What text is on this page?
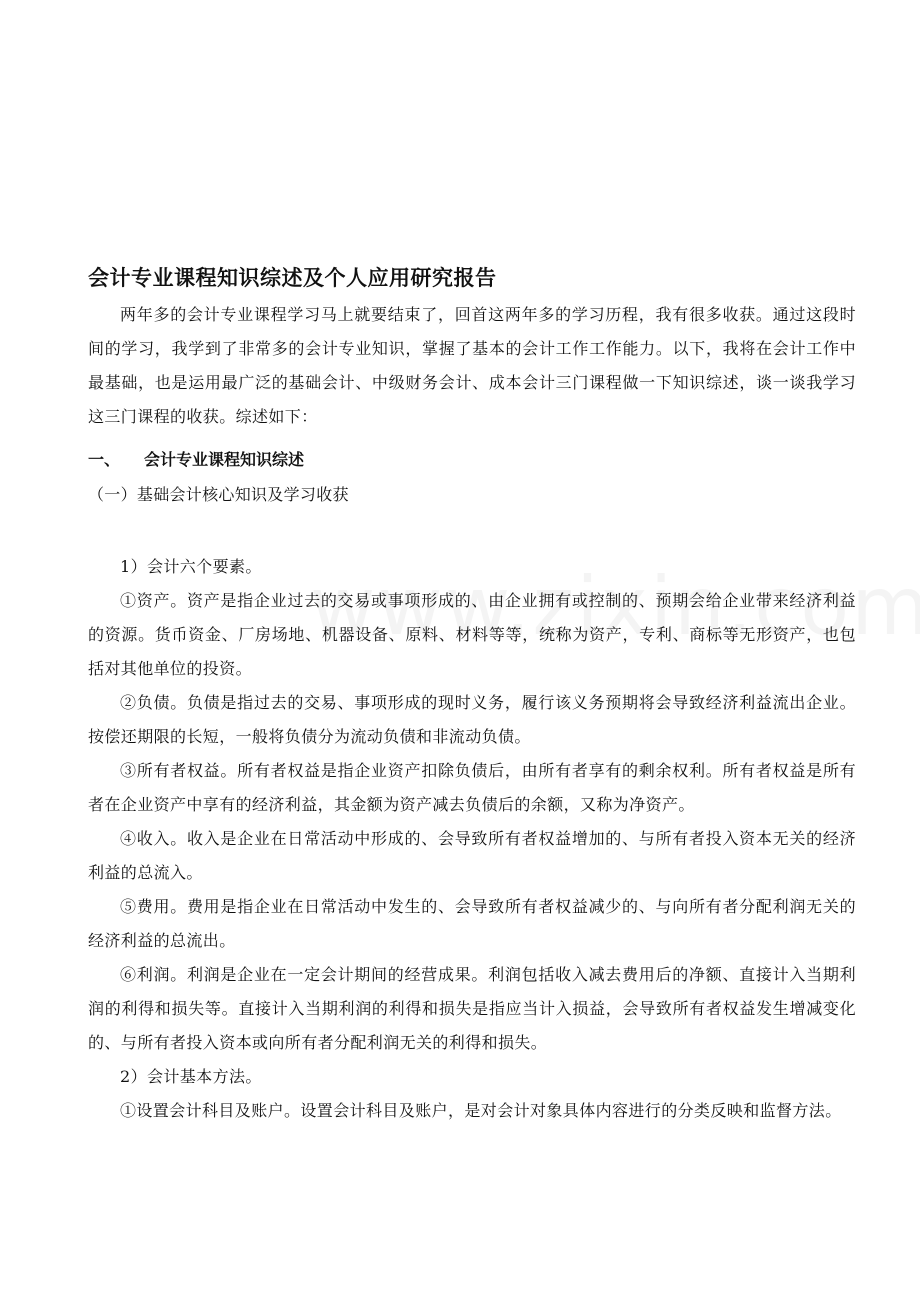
会计专业课程知识综述及个人应用研究报告

两年多的会计专业课程学习马上就要结束了，回首这两年多的学习历程，我有很多收获。通过这段时间的学习，我学到了非常多的会计专业知识，掌握了基本的会计工作工作能力。以下，我将在会计工作中最基础，也是运用最广泛的基础会计、中级财务会计、成本会计三门课程做一下知识综述，谈一谈我学习这三门课程的收获。综述如下：

一、 会计专业课程知识综述

（一）基础会计核心知识及学习收获

1）会计六个要素。

①资产。资产是指企业过去的交易或事项形成的、由企业拥有或控制的、预期会给企业带来经济利益的资源。货币资金、厂房场地、机器设备、原料、材料等等，统称为资产，专利、商标等无形资产，也包括对其他单位的投资。

②负债。负债是指过去的交易、事项形成的现时义务，履行该义务预期将会导致经济利益流出企业。按偿还期限的长短，一般将负债分为流动负债和非流动负债。

③所有者权益。所有者权益是指企业资产扣除负债后，由所有者享有的剩余权利。所有者权益是所有者在企业资产中享有的经济利益，其金额为资产减去负债后的余额，又称为净资产。

④收入。收入是企业在日常活动中形成的、会导致所有者权益增加的、与所有者投入资本无关的经济利益的总流入。

⑤费用。费用是指企业在日常活动中发生的、会导致所有者权益减少的、与向所有者分配利润无关的经济利益的总流出。

⑥利润。利润是企业在一定会计期间的经营成果。利润包括收入减去费用后的净额、直接计入当期利润的利得和损失等。直接计入当期利润的利得和损失是指应当计入损益，会导致所有者权益发生增减变化的、与所有者投入资本或向所有者分配利润无关的利得和损失。

2）会计基本方法。

①设置会计科目及账户。设置会计科目及账户，是对会计对象具体内容进行的分类反映和监督方法。
